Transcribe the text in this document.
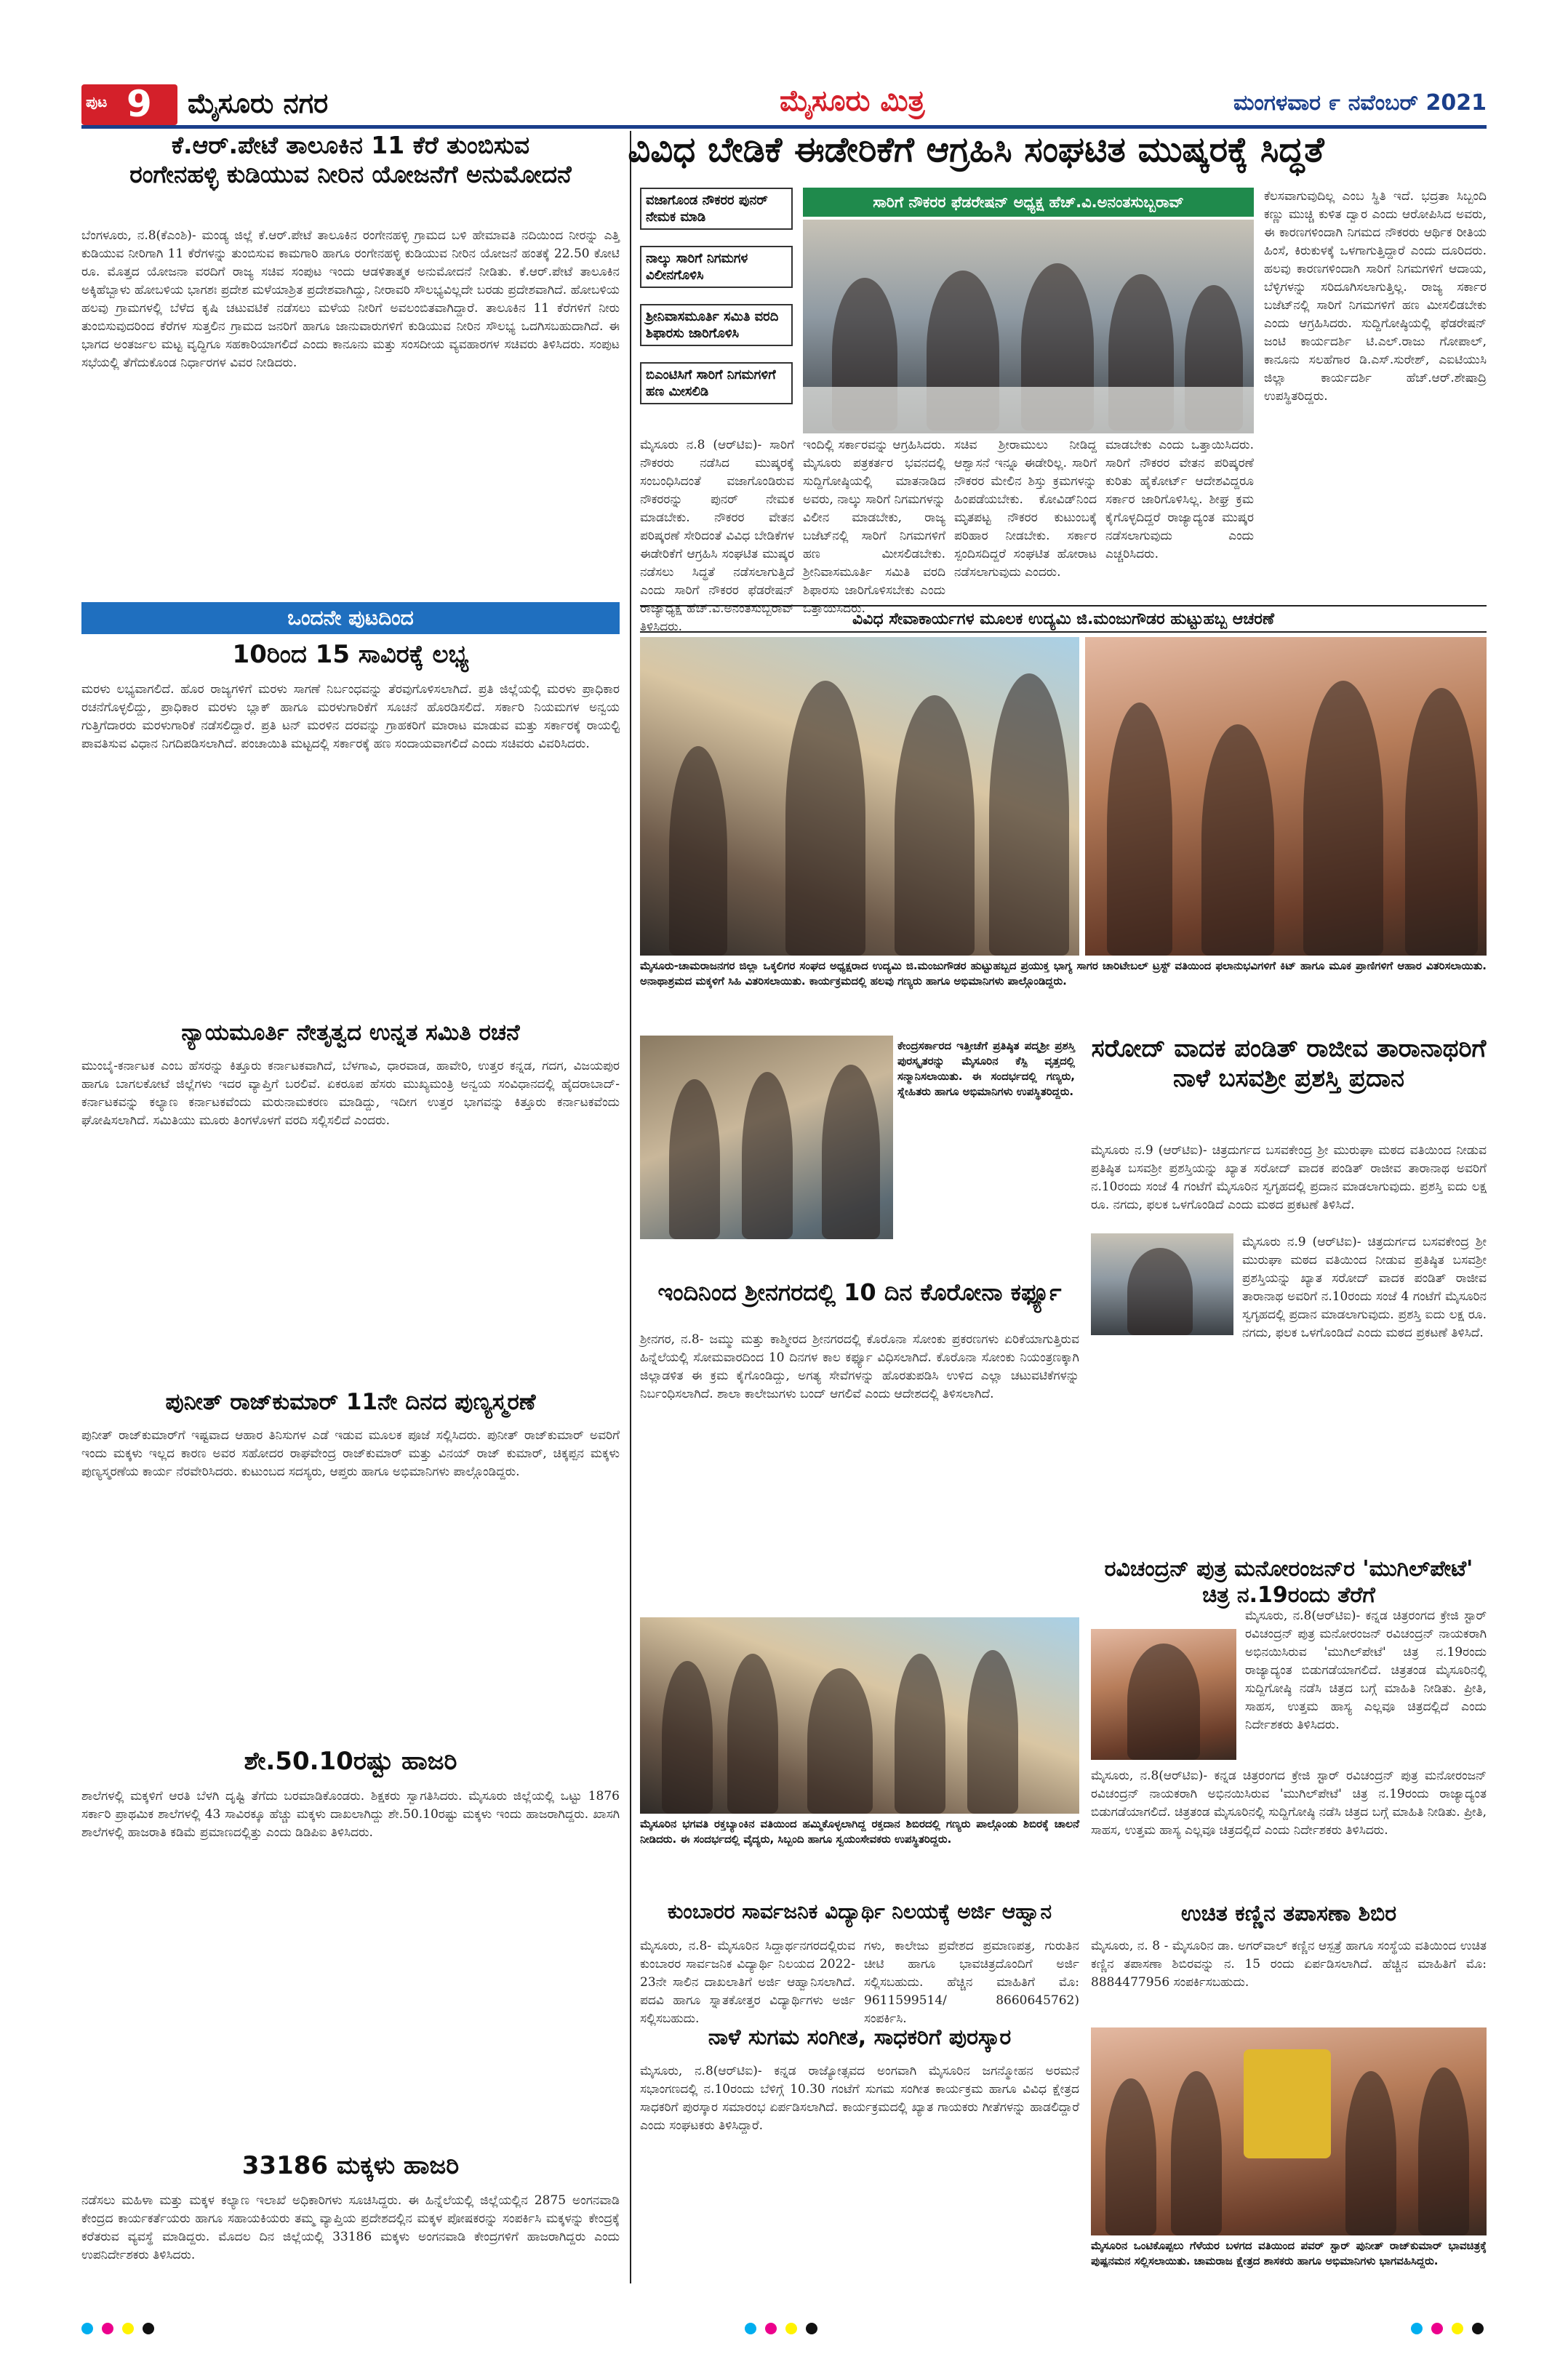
ಪುಟ 9 ಮೈಸೂರು ನಗರ	ಮೈಸೂರು ಮಿತ್ರ	ಮಂಗಳವಾರ ೯ ನವೆಂಬರ್ 2021
ಕೆ.ಆರ್.ಪೇಟೆ ತಾಲೂಕಿನ 11 ಕೆರೆ ತುಂಬಿಸುವ ರಂಗೇನಹಳ್ಳಿ ಕುಡಿಯುವ ನೀರಿನ ಯೋಜನೆಗೆ ಅನುಮೋದನೆ
ಬೆಂಗಳೂರು, ನ.8(ಕೆಎಂಶಿ)- ಮಂಡ್ಯ ಜಿಲ್ಲೆ ಕೆ.ಆರ್.ಪೇಟೆ ತಾಲೂಕಿನ ರಂಗೇನಹಳ್ಳಿ ಗ್ರಾಮದ ಬಳಿ ಹೇಮಾವತಿ ನದಿಯಿಂದ ನೀರನ್ನು ಎತ್ತಿ ಕುಡಿಯುವ ನೀರಿಗಾಗಿ 11 ಕೆರೆಗಳನ್ನು ತುಂಬಿಸುವ ಕಾಮಗಾರಿ ಹಾಗೂ ರಂಗೇನಹಳ್ಳಿ ಕುಡಿಯುವ ನೀರಿನ ಯೋಜನೆ ಹಂತಕ್ಕೆ 22.50 ಕೋಟಿ ರೂ. ಮೊತ್ತದ ಯೋಜನಾ ವರದಿಗೆ ರಾಜ್ಯ ಸಚಿವ ಸಂಪುಟ ಇಂದು ಆಡಳಿತಾತ್ಮಕ ಅನುಮೋದನೆ ನೀಡಿತು. ಕೆ.ಆರ್.ಪೇಟೆ ತಾಲೂಕಿನ ಅಕ್ಕಿಹೆಬ್ಬಾಳು ಹೋಬಳಿಯ ಭಾಗಶಃ ಪ್ರದೇಶ ಮಳೆಯಾಶ್ರಿತ ಪ್ರದೇಶವಾಗಿದ್ದು, ನೀರಾವರಿ ಸೌಲಭ್ಯವಿಲ್ಲದೇ ಬರಡು ಪ್ರದೇಶವಾಗಿದೆ. ಹೋಬಳಿಯ ಹಲವು ಗ್ರಾಮಗಳಲ್ಲಿ ಬೆಳೆದ ಕೃಷಿ ಚಟುವಟಿಕೆ ನಡೆಸಲು ಮಳೆಯ ನೀರಿಗೆ ಅವಲಂಬಿತವಾಗಿದ್ದಾರೆ. ತಾಲೂಕಿನ 11 ಕೆರೆಗಳಿಗೆ ನೀರು ತುಂಬಿಸುವುದರಿಂದ ಕೆರೆಗಳ ಸುತ್ತಲಿನ ಗ್ರಾಮದ ಜನರಿಗೆ ಹಾಗೂ ಜಾನುವಾರುಗಳಿಗೆ ಕುಡಿಯುವ ನೀರಿನ ಸೌಲಭ್ಯ ಒದಗಿಸಬಹುದಾಗಿದೆ. ಈ ಭಾಗದ ಅಂತರ್ಜಲ ಮಟ್ಟ ವೃದ್ಧಿಗೂ ಸಹಕಾರಿಯಾಗಲಿದೆ ಎಂದು ಕಾನೂನು ಮತ್ತು ಸಂಸದೀಯ ವ್ಯವಹಾರಗಳ ಸಚಿವರು ತಿಳಿಸಿದರು. ಸಂಪುಟ ಸಭೆಯಲ್ಲಿ ತೆಗೆದುಕೊಂಡ ನಿರ್ಧಾರಗಳ ವಿವರ ನೀಡಿದರು.
ಒಂದನೇ ಪುಟದಿಂದ
10ರಿಂದ 15 ಸಾವಿರಕ್ಕೆ ಲಭ್ಯ
ಮರಳು ಲಭ್ಯವಾಗಲಿದೆ. ಹೊರ ರಾಜ್ಯಗಳಿಗೆ ಮರಳು ಸಾಗಣೆ ನಿರ್ಬಂಧವನ್ನು ತೆರವುಗೊಳಿಸಲಾಗಿದೆ. ಪ್ರತಿ ಜಿಲ್ಲೆಯಲ್ಲಿ ಮರಳು ಪ್ರಾಧಿಕಾರ ರಚನೆಗೊಳ್ಳಲಿದ್ದು, ಪ್ರಾಧಿಕಾರ ಮರಳು ಬ್ಲಾಕ್ ಹಾಗೂ ಮರಳುಗಾರಿಕೆಗೆ ಸೂಚನೆ ಹೊರಡಿಸಲಿದೆ. ಸರ್ಕಾರಿ ನಿಯಮಗಳ ಅನ್ವಯ ಗುತ್ತಿಗೆದಾರರು ಮರಳುಗಾರಿಕೆ ನಡೆಸಲಿದ್ದಾರೆ. ಪ್ರತಿ ಟನ್ ಮರಳಿನ ದರವನ್ನು ಗ್ರಾಹಕರಿಗೆ ಮಾರಾಟ ಮಾಡುವ ಮತ್ತು ಸರ್ಕಾರಕ್ಕೆ ರಾಯಲ್ಟಿ ಪಾವತಿಸುವ ವಿಧಾನ ನಿಗದಿಪಡಿಸಲಾಗಿದೆ. ಪಂಚಾಯಿತಿ ಮಟ್ಟದಲ್ಲಿ ಸರ್ಕಾರಕ್ಕೆ ಹಣ ಸಂದಾಯವಾಗಲಿದೆ ಎಂದು ಸಚಿವರು ವಿವರಿಸಿದರು.
ನ್ಯಾಯಮೂರ್ತಿ ನೇತೃತ್ವದ ಉನ್ನತ ಸಮಿತಿ ರಚನೆ
ಮುಂಬೈ-ಕರ್ನಾಟಕ ಎಂಬ ಹೆಸರನ್ನು ಕಿತ್ತೂರು ಕರ್ನಾಟಕವಾಗಿದೆ, ಬೆಳಗಾವಿ, ಧಾರವಾಡ, ಹಾವೇರಿ, ಉತ್ತರ ಕನ್ನಡ, ಗದಗ, ವಿಜಯಪುರ ಹಾಗೂ ಬಾಗಲಕೋಟೆ ಜಿಲ್ಲೆಗಳು ಇದರ ವ್ಯಾಪ್ತಿಗೆ ಬರಲಿವೆ. ಏಕರೂಪ ಹೆಸರು ಮುಖ್ಯಮಂತ್ರಿ ಅನ್ವಯ ಸಂವಿಧಾನದಲ್ಲಿ ಹೈದರಾಬಾದ್-ಕರ್ನಾಟಕವನ್ನು ಕಲ್ಯಾಣ ಕರ್ನಾಟಕವೆಂದು ಮರುನಾಮಕರಣ ಮಾಡಿದ್ದು, ಇದೀಗ ಉತ್ತರ ಭಾಗವನ್ನು ಕಿತ್ತೂರು ಕರ್ನಾಟಕವೆಂದು ಘೋಷಿಸಲಾಗಿದೆ. ಸಮಿತಿಯು ಮೂರು ತಿಂಗಳೊಳಗೆ ವರದಿ ಸಲ್ಲಿಸಲಿದೆ ಎಂದರು.
ಪುನೀತ್ ರಾಜ್‌ಕುಮಾರ್ 11ನೇ ದಿನದ ಪುಣ್ಯಸ್ಮರಣೆ
ಪುನೀತ್ ರಾಜ್‌ಕುಮಾರ್‌ಗೆ ಇಷ್ಟವಾದ ಆಹಾರ ತಿನಿಸುಗಳ ಎಡೆ ಇಡುವ ಮೂಲಕ ಪೂಜೆ ಸಲ್ಲಿಸಿದರು. ಪುನೀತ್ ರಾಜ್‌ಕುಮಾರ್ ಅವರಿಗೆ ಇಂದು ಮಕ್ಕಳು ಇಲ್ಲದ ಕಾರಣ ಅವರ ಸಹೋದರ ರಾಘವೇಂದ್ರ ರಾಜ್‌ಕುಮಾರ್ ಮತ್ತು ವಿನಯ್ ರಾಜ್ ಕುಮಾರ್, ಚಿಕ್ಕಪ್ಪನ ಮಕ್ಕಳು ಪುಣ್ಯಸ್ಮರಣೆಯ ಕಾರ್ಯ ನೆರವೇರಿಸಿದರು. ಕುಟುಂಬದ ಸದಸ್ಯರು, ಆಪ್ತರು ಹಾಗೂ ಅಭಿಮಾನಿಗಳು ಪಾಲ್ಗೊಂಡಿದ್ದರು.
ಶೇ.50.10ರಷ್ಟು ಹಾಜರಿ
ಶಾಲೆಗಳಲ್ಲಿ ಮಕ್ಕಳಿಗೆ ಆರತಿ ಬೆಳಗಿ ದೃಷ್ಟಿ ತೆಗೆದು ಬರಮಾಡಿಕೊಂಡರು. ಶಿಕ್ಷಕರು ಸ್ವಾಗತಿಸಿದರು. ಮೈಸೂರು ಜಿಲ್ಲೆಯಲ್ಲಿ ಒಟ್ಟು 1876 ಸರ್ಕಾರಿ ಪ್ರಾಥಮಿಕ ಶಾಲೆಗಳಲ್ಲಿ 43 ಸಾವಿರಕ್ಕೂ ಹೆಚ್ಚು ಮಕ್ಕಳು ದಾಖಲಾಗಿದ್ದು ಶೇ.50.10ರಷ್ಟು ಮಕ್ಕಳು ಇಂದು ಹಾಜರಾಗಿದ್ದರು. ಖಾಸಗಿ ಶಾಲೆಗಳಲ್ಲಿ ಹಾಜರಾತಿ ಕಡಿಮೆ ಪ್ರಮಾಣದಲ್ಲಿತ್ತು ಎಂದು ಡಿಡಿಪಿಐ ತಿಳಿಸಿದರು.
33186 ಮಕ್ಕಳು ಹಾಜರಿ
ನಡೆಸಲು ಮಹಿಳಾ ಮತ್ತು ಮಕ್ಕಳ ಕಲ್ಯಾಣ ಇಲಾಖೆ ಅಧಿಕಾರಿಗಳು ಸೂಚಿಸಿದ್ದರು. ಈ ಹಿನ್ನೆಲೆಯಲ್ಲಿ ಜಿಲ್ಲೆಯಲ್ಲಿನ 2875 ಅಂಗನವಾಡಿ ಕೇಂದ್ರದ ಕಾರ್ಯಕರ್ತೆಯರು ಹಾಗೂ ಸಹಾಯಕಿಯರು ತಮ್ಮ ವ್ಯಾಪ್ತಿಯ ಪ್ರದೇಶದಲ್ಲಿನ ಮಕ್ಕಳ ಪೋಷಕರನ್ನು ಸಂಪರ್ಕಿಸಿ ಮಕ್ಕಳನ್ನು ಕೇಂದ್ರಕ್ಕೆ ಕರೆತರುವ ವ್ಯವಸ್ಥೆ ಮಾಡಿದ್ದರು. ಮೊದಲ ದಿನ ಜಿಲ್ಲೆಯಲ್ಲಿ 33186 ಮಕ್ಕಳು ಅಂಗನವಾಡಿ ಕೇಂದ್ರಗಳಿಗೆ ಹಾಜರಾಗಿದ್ದರು ಎಂದು ಉಪನಿರ್ದೇಶಕರು ತಿಳಿಸಿದರು.
ವಿವಿಧ ಬೇಡಿಕೆ ಈಡೇರಿಕೆಗೆ ಆಗ್ರಹಿಸಿ ಸಂಘಟಿತ ಮುಷ್ಕರಕ್ಕೆ ಸಿದ್ಧತೆ
ವಜಾಗೊಂಡ ನೌಕರರ ಪುನರ್ ನೇಮಕ ಮಾಡಿ
ನಾಲ್ಕು ಸಾರಿಗೆ ನಿಗಮಗಳ ವಿಲೀನಗೊಳಿಸಿ
ಶ್ರೀನಿವಾಸಮೂರ್ತಿ ಸಮಿತಿ ವರದಿ ಶಿಫಾರಸು ಜಾರಿಗೊಳಿಸಿ
ಬಿಎಂಟಿಸಿಗೆ ಸಾರಿಗೆ ನಿಗಮಗಳಿಗೆ ಹಣ ಮೀಸಲಿಡಿ
ಸಾರಿಗೆ ನೌಕರರ ಫೆಡರೇಷನ್ ಅಧ್ಯಕ್ಷ ಹೆಚ್.ವಿ.ಅನಂತಸುಬ್ಬರಾವ್	ಕೆಲಸವಾಗುವುದಿಲ್ಲ ಎಂಬ ಸ್ಥಿತಿ ಇದೆ. ಭದ್ರತಾ ಸಿಬ್ಬಂದಿ ಕಣ್ಣು ಮುಚ್ಚಿ ಕುಳಿತ ದ್ವಾರ ಎಂದು ಆರೋಪಿಸಿದ ಅವರು, ಈ ಕಾರಣಗಳಿಂದಾಗಿ ನಿಗಮದ ನೌಕರರು ಆರ್ಥಿಕ ರೀತಿಯ ಹಿಂಸೆ, ಕಿರುಕುಳಕ್ಕೆ ಒಳಗಾಗುತ್ತಿದ್ದಾರೆ ಎಂದು ದೂರಿದರು. ಹಲವು ಕಾರಣಗಳಿಂದಾಗಿ ಸಾರಿಗೆ ನಿಗಮಗಳಿಗೆ ಆದಾಯ, ಬೆಳ್ಳಿಗಳನ್ನು ಸರಿದೂಗಿಸಲಾಗುತ್ತಿಲ್ಲ. ರಾಜ್ಯ ಸರ್ಕಾರ ಬಜೆಟ್‌ನಲ್ಲಿ ಸಾರಿಗೆ ನಿಗಮಗಳಿಗೆ ಹಣ ಮೀಸಲಿಡಬೇಕು ಎಂದು ಆಗ್ರಹಿಸಿದರು. ಸುದ್ದಿಗೋಷ್ಠಿಯಲ್ಲಿ ಫೆಡರೇಷನ್ ಜಂಟಿ ಕಾರ್ಯದರ್ಶಿ ಟಿ.ಎಲ್.ರಾಜು ಗೋಪಾಲ್, ಕಾನೂನು ಸಲಹೆಗಾರ ಡಿ.ಎಸ್.ಸುರೇಶ್, ಎಐಟಿಯುಸಿ ಜಿಲ್ಲಾ ಕಾರ್ಯದರ್ಶಿ ಹೆಚ್.ಆರ್.ಶೇಷಾದ್ರಿ ಉಪಸ್ಥಿತರಿದ್ದರು.
ಮೈಸೂರು ನ.8 (ಆರ್‌ಟಿಐ)- ಸಾರಿಗೆ ನೌಕರರು ನಡೆಸಿದ ಮುಷ್ಕರಕ್ಕೆ ಸಂಬಂಧಿಸಿದಂತೆ ವಜಾಗೊಂಡಿರುವ ನೌಕರರನ್ನು ಪುನರ್ ನೇಮಕ ಮಾಡಬೇಕು. ನೌಕರರ ವೇತನ ಪರಿಷ್ಕರಣೆ ಸೇರಿದಂತೆ ವಿವಿಧ ಬೇಡಿಕೆಗಳ ಈಡೇರಿಕೆಗೆ ಆಗ್ರಹಿಸಿ ಸಂಘಟಿತ ಮುಷ್ಕರ ನಡೆಸಲು ಸಿದ್ಧತೆ ನಡೆಸಲಾಗುತ್ತಿದೆ ಎಂದು ಸಾರಿಗೆ ನೌಕರರ ಫೆಡರೇಷನ್ ರಾಜ್ಯಾಧ್ಯಕ್ಷ ಹೆಚ್.ವಿ.ಅನಂತಸುಬ್ಬರಾವ್ ತಿಳಿಸಿದರು.
ಇಂದಿಲ್ಲಿ ಸರ್ಕಾರವನ್ನು ಆಗ್ರಹಿಸಿದರು. ಮೈಸೂರು ಪತ್ರಕರ್ತರ ಭವನದಲ್ಲಿ ಸುದ್ದಿಗೋಷ್ಠಿಯಲ್ಲಿ ಮಾತನಾಡಿದ ಅವರು, ನಾಲ್ಕು ಸಾರಿಗೆ ನಿಗಮಗಳನ್ನು ವಿಲೀನ ಮಾಡಬೇಕು, ರಾಜ್ಯ ಬಜೆಟ್‌ನಲ್ಲಿ ಸಾರಿಗೆ ನಿಗಮಗಳಿಗೆ ಹಣ ಮೀಸಲಿಡಬೇಕು. ಶ್ರೀನಿವಾಸಮೂರ್ತಿ ಸಮಿತಿ ವರದಿ ಶಿಫಾರಸು ಜಾರಿಗೊಳಿಸಬೇಕು ಎಂದು ಒತ್ತಾಯಿಸಿದರು.
ಸಚಿವ ಶ್ರೀರಾಮುಲು ನೀಡಿದ್ದ ಆಶ್ವಾಸನೆ ಇನ್ನೂ ಈಡೇರಿಲ್ಲ. ಸಾರಿಗೆ ನೌಕರರ ಮೇಲಿನ ಶಿಸ್ತು ಕ್ರಮಗಳನ್ನು ಹಿಂಪಡೆಯಬೇಕು. ಕೋವಿಡ್‌ನಿಂದ ಮೃತಪಟ್ಟ ನೌಕರರ ಕುಟುಂಬಕ್ಕೆ ಪರಿಹಾರ ನೀಡಬೇಕು. ಸರ್ಕಾರ ಸ್ಪಂದಿಸದಿದ್ದರೆ ಸಂಘಟಿತ ಹೋರಾಟ ನಡೆಸಲಾಗುವುದು ಎಂದರು.
ಮಾಡಬೇಕು ಎಂದು ಒತ್ತಾಯಿಸಿದರು. ಸಾರಿಗೆ ನೌಕರರ ವೇತನ ಪರಿಷ್ಕರಣೆ ಕುರಿತು ಹೈಕೋರ್ಟ್ ಆದೇಶವಿದ್ದರೂ ಸರ್ಕಾರ ಜಾರಿಗೊಳಿಸಿಲ್ಲ. ಶೀಘ್ರ ಕ್ರಮ ಕೈಗೊಳ್ಳದಿದ್ದರೆ ರಾಜ್ಯಾದ್ಯಂತ ಮುಷ್ಕರ ನಡೆಸಲಾಗುವುದು ಎಂದು ಎಚ್ಚರಿಸಿದರು.
ವಿವಿಧ ಸೇವಾಕಾರ್ಯಗಳ ಮೂಲಕ ಉದ್ಯಮಿ ಜಿ.ಮಂಜುಗೌಡರ ಹುಟ್ಟುಹಬ್ಬ ಆಚರಣೆ
ಮೈಸೂರು-ಚಾಮರಾಜನಗರ ಜಿಲ್ಲಾ ಒಕ್ಕಲಿಗರ ಸಂಘದ ಅಧ್ಯಕ್ಷರಾದ ಉದ್ಯಮಿ ಜಿ.ಮಂಜುಗೌಡರ ಹುಟ್ಟುಹಬ್ಬದ ಪ್ರಯುಕ್ತ ಭಾಗ್ಯ ಸಾಗರ ಚಾರಿಟೇಬಲ್ ಟ್ರಸ್ಟ್ ವತಿಯಿಂದ ಫಲಾನುಭವಿಗಳಿಗೆ ಕಿಟ್ ಹಾಗೂ ಮೂಕ ಪ್ರಾಣಿಗಳಿಗೆ ಆಹಾರ ವಿತರಿಸಲಾಯಿತು. ಅನಾಥಾಶ್ರಮದ ಮಕ್ಕಳಿಗೆ ಸಿಹಿ ವಿತರಿಸಲಾಯಿತು. ಕಾರ್ಯಕ್ರಮದಲ್ಲಿ ಹಲವು ಗಣ್ಯರು ಹಾಗೂ ಅಭಿಮಾನಿಗಳು ಪಾಲ್ಗೊಂಡಿದ್ದರು.
ಕೇಂದ್ರಸರ್ಕಾರದ ಇತ್ತೀಚೆಗೆ ಪ್ರತಿಷ್ಠಿತ ಪದ್ಮಶ್ರೀ ಪ್ರಶಸ್ತಿ ಪುರಸ್ಕೃತರನ್ನು ಮೈಸೂರಿನ ಕೆಸ್ಪಿ ವೃತ್ತದಲ್ಲಿ ಸನ್ಮಾನಿಸಲಾಯಿತು. ಈ ಸಂದರ್ಭದಲ್ಲಿ ಗಣ್ಯರು, ಸ್ನೇಹಿತರು ಹಾಗೂ ಅಭಿಮಾನಿಗಳು ಉಪಸ್ಥಿತರಿದ್ದರು.
ಸರೋದ್ ವಾದಕ ಪಂಡಿತ್ ರಾಜೀವ ತಾರಾನಾಥರಿಗೆ ನಾಳೆ ಬಸವಶ್ರೀ ಪ್ರಶಸ್ತಿ ಪ್ರದಾನ
ಮೈಸೂರು ನ.9 (ಆರ್‌ಟಿಐ)- ಚಿತ್ರದುರ್ಗದ ಬಸವಕೇಂದ್ರ ಶ್ರೀ ಮುರುಘಾ ಮಠದ ವತಿಯಿಂದ ನೀಡುವ ಪ್ರತಿಷ್ಠಿತ ಬಸವಶ್ರೀ ಪ್ರಶಸ್ತಿಯನ್ನು ಖ್ಯಾತ ಸರೋದ್ ವಾದಕ ಪಂಡಿತ್ ರಾಜೀವ ತಾರಾನಾಥ ಅವರಿಗೆ ನ.10ರಂದು ಸಂಜೆ 4 ಗಂಟೆಗೆ ಮೈಸೂರಿನ ಸ್ವಗೃಹದಲ್ಲಿ ಪ್ರದಾನ ಮಾಡಲಾಗುವುದು. ಪ್ರಶಸ್ತಿ ಐದು ಲಕ್ಷ ರೂ. ನಗದು, ಫಲಕ ಒಳಗೊಂಡಿದೆ ಎಂದು ಮಠದ ಪ್ರಕಟಣೆ ತಿಳಿಸಿದೆ.
ಮೈಸೂರು ನ.9 (ಆರ್‌ಟಿಐ)- ಚಿತ್ರದುರ್ಗದ ಬಸವಕೇಂದ್ರ ಶ್ರೀ ಮುರುಘಾ ಮಠದ ವತಿಯಿಂದ ನೀಡುವ ಪ್ರತಿಷ್ಠಿತ ಬಸವಶ್ರೀ ಪ್ರಶಸ್ತಿಯನ್ನು ಖ್ಯಾತ ಸರೋದ್ ವಾದಕ ಪಂಡಿತ್ ರಾಜೀವ ತಾರಾನಾಥ ಅವರಿಗೆ ನ.10ರಂದು ಸಂಜೆ 4 ಗಂಟೆಗೆ ಮೈಸೂರಿನ ಸ್ವಗೃಹದಲ್ಲಿ ಪ್ರದಾನ ಮಾಡಲಾಗುವುದು. ಪ್ರಶಸ್ತಿ ಐದು ಲಕ್ಷ ರೂ. ನಗದು, ಫಲಕ ಒಳಗೊಂಡಿದೆ ಎಂದು ಮಠದ ಪ್ರಕಟಣೆ ತಿಳಿಸಿದೆ.
ಇಂದಿನಿಂದ ಶ್ರೀನಗರದಲ್ಲಿ 10 ದಿನ ಕೊರೋನಾ ಕರ್ಫ್ಯೂ
ಶ್ರೀನಗರ, ನ.8- ಜಮ್ಮು ಮತ್ತು ಕಾಶ್ಮೀರದ ಶ್ರೀನಗರದಲ್ಲಿ ಕೊರೊನಾ ಸೋಂಕು ಪ್ರಕರಣಗಳು ಏರಿಕೆಯಾಗುತ್ತಿರುವ ಹಿನ್ನೆಲೆಯಲ್ಲಿ ಸೋಮವಾರದಿಂದ 10 ದಿನಗಳ ಕಾಲ ಕರ್ಫ್ಯೂ ವಿಧಿಸಲಾಗಿದೆ. ಕೊರೊನಾ ಸೋಂಕು ನಿಯಂತ್ರಣಕ್ಕಾಗಿ ಜಿಲ್ಲಾಡಳಿತ ಈ ಕ್ರಮ ಕೈಗೊಂಡಿದ್ದು, ಅಗತ್ಯ ಸೇವೆಗಳನ್ನು ಹೊರತುಪಡಿಸಿ ಉಳಿದ ಎಲ್ಲಾ ಚಟುವಟಿಕೆಗಳನ್ನು ನಿರ್ಬಂಧಿಸಲಾಗಿದೆ. ಶಾಲಾ ಕಾಲೇಜುಗಳು ಬಂದ್ ಆಗಲಿವೆ ಎಂದು ಆದೇಶದಲ್ಲಿ ತಿಳಿಸಲಾಗಿದೆ.
ಮೈಸೂರಿನ ಭಗವತಿ ರಕ್ತಬ್ಯಾಂಕಿನ ವತಿಯಿಂದ ಹಮ್ಮಿಕೊಳ್ಳಲಾಗಿದ್ದ ರಕ್ತದಾನ ಶಿಬಿರದಲ್ಲಿ ಗಣ್ಯರು ಪಾಲ್ಗೊಂಡು ಶಿಬಿರಕ್ಕೆ ಚಾಲನೆ ನೀಡಿದರು. ಈ ಸಂದರ್ಭದಲ್ಲಿ ವೈದ್ಯರು, ಸಿಬ್ಬಂದಿ ಹಾಗೂ ಸ್ವಯಂಸೇವಕರು ಉಪಸ್ಥಿತರಿದ್ದರು.
ರವಿಚಂದ್ರನ್ ಪುತ್ರ ಮನೋರಂಜನ್‌ರ 'ಮುಗಿಲ್‌ಪೇಟೆ' ಚಿತ್ರ ನ.19ರಂದು ತೆರೆಗೆ
ಮೈಸೂರು, ನ.8(ಆರ್‌ಟಿಐ)- ಕನ್ನಡ ಚಿತ್ರರಂಗದ ಕ್ರೇಜಿ ಸ್ಟಾರ್ ರವಿಚಂದ್ರನ್ ಪುತ್ರ ಮನೋರಂಜನ್ ರವಿಚಂದ್ರನ್ ನಾಯಕರಾಗಿ ಅಭಿನಯಿಸಿರುವ 'ಮುಗಿಲ್‌ಪೇಟೆ' ಚಿತ್ರ ನ.19ರಂದು ರಾಜ್ಯಾದ್ಯಂತ ಬಿಡುಗಡೆಯಾಗಲಿದೆ. ಚಿತ್ರತಂಡ ಮೈಸೂರಿನಲ್ಲಿ ಸುದ್ದಿಗೋಷ್ಠಿ ನಡೆಸಿ ಚಿತ್ರದ ಬಗ್ಗೆ ಮಾಹಿತಿ ನೀಡಿತು. ಪ್ರೀತಿ, ಸಾಹಸ, ಉತ್ತಮ ಹಾಸ್ಯ ಎಲ್ಲವೂ ಚಿತ್ರದಲ್ಲಿದೆ ಎಂದು ನಿರ್ದೇಶಕರು ತಿಳಿಸಿದರು.
ಮೈಸೂರು, ನ.8(ಆರ್‌ಟಿಐ)- ಕನ್ನಡ ಚಿತ್ರರಂಗದ ಕ್ರೇಜಿ ಸ್ಟಾರ್ ರವಿಚಂದ್ರನ್ ಪುತ್ರ ಮನೋರಂಜನ್ ರವಿಚಂದ್ರನ್ ನಾಯಕರಾಗಿ ಅಭಿನಯಿಸಿರುವ 'ಮುಗಿಲ್‌ಪೇಟೆ' ಚಿತ್ರ ನ.19ರಂದು ರಾಜ್ಯಾದ್ಯಂತ ಬಿಡುಗಡೆಯಾಗಲಿದೆ. ಚಿತ್ರತಂಡ ಮೈಸೂರಿನಲ್ಲಿ ಸುದ್ದಿಗೋಷ್ಠಿ ನಡೆಸಿ ಚಿತ್ರದ ಬಗ್ಗೆ ಮಾಹಿತಿ ನೀಡಿತು. ಪ್ರೀತಿ, ಸಾಹಸ, ಉತ್ತಮ ಹಾಸ್ಯ ಎಲ್ಲವೂ ಚಿತ್ರದಲ್ಲಿದೆ ಎಂದು ನಿರ್ದೇಶಕರು ತಿಳಿಸಿದರು.
ಉಚಿತ ಕಣ್ಣಿನ ತಪಾಸಣಾ ಶಿಬಿರ
ಮೈಸೂರು, ನ. 8 - ಮೈಸೂರಿನ ಡಾ. ಅಗರ್‌ವಾಲ್ ಕಣ್ಣಿನ ಆಸ್ಪತ್ರೆ ಹಾಗೂ ಸಂಸ್ಥೆಯ ವತಿಯಿಂದ ಉಚಿತ ಕಣ್ಣಿನ ತಪಾಸಣಾ ಶಿಬಿರವನ್ನು ನ. 15 ರಂದು ಏರ್ಪಡಿಸಲಾಗಿದೆ. ಹೆಚ್ಚಿನ ಮಾಹಿತಿಗೆ ಮೊ: 8884477956 ಸಂಪರ್ಕಿಸಬಹುದು.
ಕುಂಬಾರರ ಸಾರ್ವಜನಿಕ ವಿದ್ಯಾರ್ಥಿ ನಿಲಯಕ್ಕೆ ಅರ್ಜಿ ಆಹ್ವಾನ
ಮೈಸೂರು, ನ.8- ಮೈಸೂರಿನ ಸಿದ್ದಾರ್ಥನಗರದಲ್ಲಿರುವ ಕುಂಬಾರರ ಸಾರ್ವಜನಿಕ ವಿದ್ಯಾರ್ಥಿ ನಿಲಯದ 2022-23ನೇ ಸಾಲಿನ ದಾಖಲಾತಿಗೆ ಅರ್ಜಿ ಆಹ್ವಾನಿಸಲಾಗಿದೆ. ಪದವಿ ಹಾಗೂ ಸ್ನಾತಕೋತ್ತರ ವಿದ್ಯಾರ್ಥಿಗಳು ಅರ್ಜಿ ಸಲ್ಲಿಸಬಹುದು.
ಗಳು, ಕಾಲೇಜು ಪ್ರವೇಶದ ಪ್ರಮಾಣಪತ್ರ, ಗುರುತಿನ ಚೀಟಿ ಹಾಗೂ ಭಾವಚಿತ್ರದೊಂದಿಗೆ ಅರ್ಜಿ ಸಲ್ಲಿಸಬಹುದು. ಹೆಚ್ಚಿನ ಮಾಹಿತಿಗೆ ಮೊ: 9611599514/ 8660645762) ಸಂಪರ್ಕಿಸಿ.
ನಾಳೆ ಸುಗಮ ಸಂಗೀತ, ಸಾಧಕರಿಗೆ ಪುರಸ್ಕಾರ
ಮೈಸೂರು, ನ.8(ಆರ್‌ಟಿಐ)- ಕನ್ನಡ ರಾಜ್ಯೋತ್ಸವದ ಅಂಗವಾಗಿ ಮೈಸೂರಿನ ಜಗನ್ಮೋಹನ ಅರಮನೆ ಸಭಾಂಗಣದಲ್ಲಿ ನ.10ರಂದು ಬೆಳಿಗ್ಗೆ 10.30 ಗಂಟೆಗೆ ಸುಗಮ ಸಂಗೀತ ಕಾರ್ಯಕ್ರಮ ಹಾಗೂ ವಿವಿಧ ಕ್ಷೇತ್ರದ ಸಾಧಕರಿಗೆ ಪುರಸ್ಕಾರ ಸಮಾರಂಭ ಏರ್ಪಡಿಸಲಾಗಿದೆ. ಕಾರ್ಯಕ್ರಮದಲ್ಲಿ ಖ್ಯಾತ ಗಾಯಕರು ಗೀತೆಗಳನ್ನು ಹಾಡಲಿದ್ದಾರೆ ಎಂದು ಸಂಘಟಕರು ತಿಳಿಸಿದ್ದಾರೆ.
ಮೈಸೂರಿನ ಒಂಟಿಕೊಪ್ಪಲು ಗೆಳೆಯರ ಬಳಗದ ವತಿಯಿಂದ ಪವರ್ ಸ್ಟಾರ್ ಪುನೀತ್ ರಾಜ್‌ಕುಮಾರ್ ಭಾವಚಿತ್ರಕ್ಕೆ ಪುಷ್ಪನಮನ ಸಲ್ಲಿಸಲಾಯಿತು. ಚಾಮರಾಜ ಕ್ಷೇತ್ರದ ಶಾಸಕರು ಹಾಗೂ ಅಭಿಮಾನಿಗಳು ಭಾಗವಹಿಸಿದ್ದರು.
